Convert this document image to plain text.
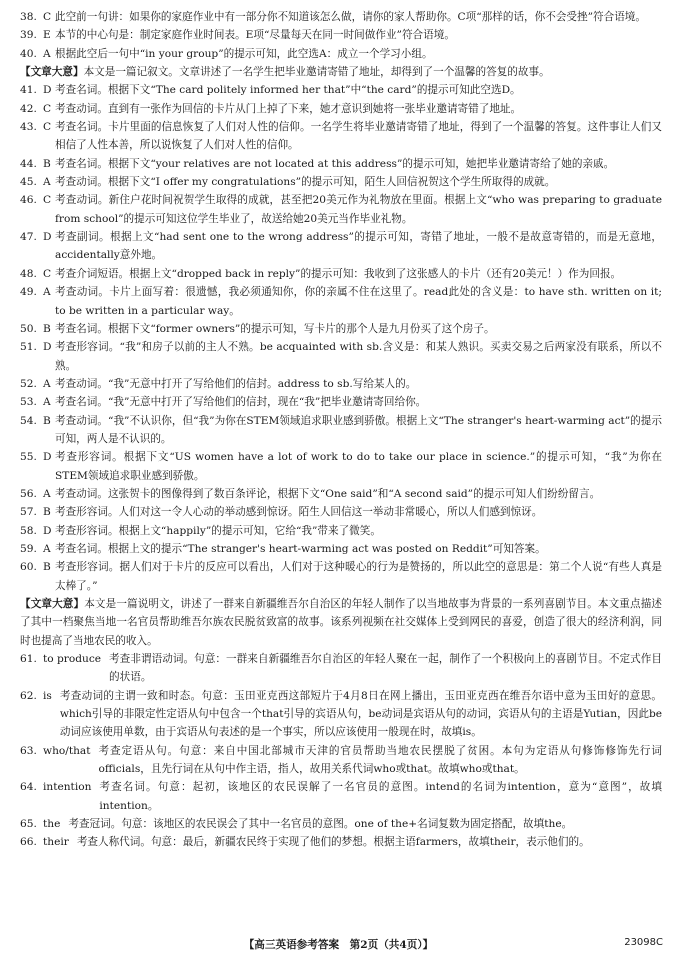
38. C 此空前一句讲：如果你的家庭作业中有一部分你不知道该怎么做，请你的家人帮助你。C项“那样的话，你不会受挫”符合语境。
39. E 本节的中心句是：制定家庭作业时间表。E项“尽量每天在同一时间做作业”符合语境。
40. A 根据此空后一句中“in your group”的提示可知，此空选A：成立一个学习小组。
【文章大意】本文是一篇记叙文。文章讲述了一名学生把毕业邀请寄错了地址，却得到了一个温馨的答复的故事。
41. D 考查名词。根据下文“The card politely informed her that”中“the card”的提示可知此空选D。
42. C 考查动词。直到有一张作为回信的卡片从门上掉了下来，她才意识到她将一张毕业邀请寄错了地址。
43. C 考查名词。卡片里面的信息恢复了人们对人性的信仰。一名学生将毕业邀请寄错了地址，得到了一个温馨的答复。这件事让人们又相信了人性本善，所以说恢复了人们对人性的信仰。
44. B 考查名词。根据下文“your relatives are not located at this address”的提示可知，她把毕业邀请寄给了她的亲戚。
45. A 考查动词。根据下文“I offer my congratulations”的提示可知，陌生人回信祝贺这个学生所取得的成就。
46. C 考查动词。新住户花时间祝贺学生取得的成就，甚至把20美元作为礼物放在里面。根据上文“who was preparing to graduate from school”的提示可知这位学生毕业了，故送给她20美元当作毕业礼物。
47. D 考查副词。根据上文“had sent one to the wrong address”的提示可知，寄错了地址，一般不是故意寄错的，而是无意地，accidentally意外地。
48. C 考查介词短语。根据上文“dropped back in reply”的提示可知：我收到了这张感人的卡片（还有20美元！）作为回报。
49. A 考查动词。卡片上面写着：很遗憾，我必须通知你，你的亲属不住在这里了。read此处的含义是：to have sth. written on it; to be written in a particular way。
50. B 考查名词。根据下文“former owners”的提示可知，写卡片的那个人是九月份买了这个房子。
51. D 考查形容词。“我”和房子以前的主人不熟。be acquainted with sb.含义是：和某人熟识。买卖交易之后两家没有联系，所以不熟。
52. A 考查动词。“我”无意中打开了写给他们的信封。address to sb.写给某人的。
53. A 考查名词。“我”无意中打开了写给他们的信封，现在“我”把毕业邀请寄回给你。
54. B 考查动词。“我”不认识你，但“我”为你在STEM领域追求职业感到骄傲。根据上文“The stranger's heart-warming act”的提示可知，两人是不认识的。
55. D 考查形容词。根据下文“US women have a lot of work to do to take our place in science.”的提示可知，“我”为你在STEM领域追求职业感到骄傲。
56. A 考查动词。这张贺卡的图像得到了数百条评论，根据下文“One said”和“A second said”的提示可知人们纷纷留言。
57. B 考查形容词。人们对这一令人心动的举动感到惊讶。陌生人回信这一举动非常暖心，所以人们感到惊讶。
58. D 考查形容词。根据上文“happily”的提示可知，它给“我”带来了微笑。
59. A 考查名词。根据上文的提示“The stranger's heart-warming act was posted on Reddit”可知答案。
60. B 考查形容词。据人们对于卡片的反应可以看出，人们对于这种暖心的行为是赞扬的，所以此空的意思是：第二个人说“有些人真是太棒了。”
【文章大意】本文是一篇说明文，讲述了一群来自新疆维吾尔自治区的年轻人制作了以当地故事为背景的一系列喜剧节目。本文重点描述了其中一档聚焦当地一名官员帮助维吾尔族农民脱贫致富的故事。该系列视频在社交媒体上受到网民的喜爱，创造了很大的经济利润，同时也提高了当地农民的收入。
61. to produce 考查非谓语动词。句意：一群来自新疆维吾尔自治区的年轻人聚在一起，制作了一个积极向上的喜剧节目。不定式作目的状语。
62. is 考查动词的主谓一致和时态。句意：玉田亚克西这部短片于4月8日在网上播出，玉田亚克西在维吾尔语中意为玉田好的意思。which引导的非限定性定语从句中包含一个that引导的宾语从句，be动词是宾语从句的动词，宾语从句的主语是Yutian，因此be动词应该使用单数，由于宾语从句表述的是一个事实，所以应该使用一般现在时，故填is。
63. who/that 考查定语从句。句意：来自中国北部城市天津的官员帮助当地农民摆脱了贫困。本句为定语从句修饰修饰先行词officials，且先行词在从句中作主语，指人，故用关系代词who或that。故填who或that。
64. intention 考查名词。句意：起初，该地区的农民误解了一名官员的意图。intend的名词为intention，意为“意图”，故填intention。
65. the 考查冠词。句意：该地区的农民误会了其中一名官员的意图。one of the+名词复数为固定搭配，故填the。
66. their 考查人称代词。句意：最后，新疆农民终于实现了他们的梦想。根据主语farmers，故填their，表示他们的。
【高三英语参考答案　第2页（共4页）】	23098C
